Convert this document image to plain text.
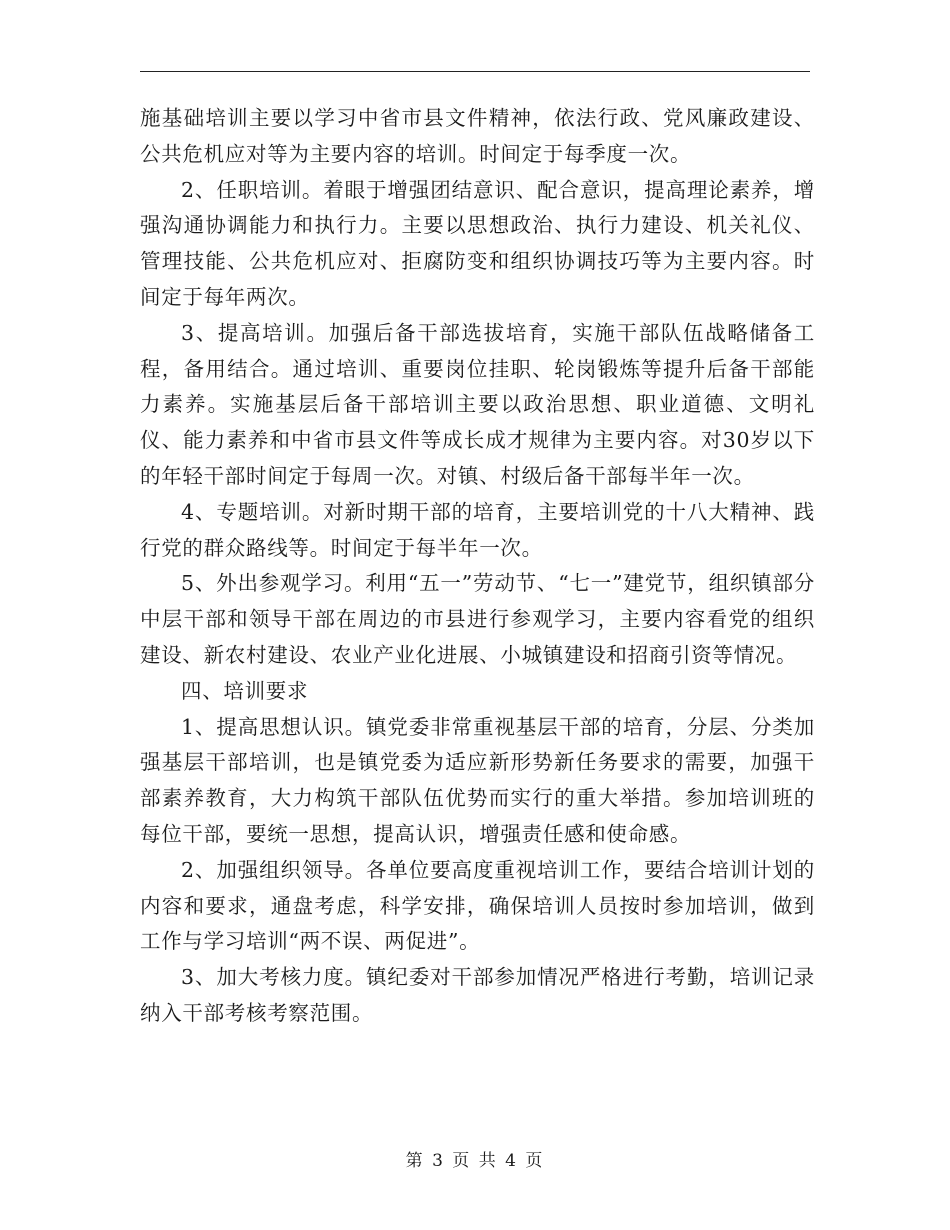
施基础培训主要以学习中省市县文件精神，依法行政、党风廉政建设、公共危机应对等为主要内容的培训。时间定于每季度一次。

2、任职培训。着眼于增强团结意识、配合意识，提高理论素养，增强沟通协调能力和执行力。主要以思想政治、执行力建设、机关礼仪、管理技能、公共危机应对、拒腐防变和组织协调技巧等为主要内容。时间定于每年两次。

3、提高培训。加强后备干部选拔培育，实施干部队伍战略储备工程，备用结合。通过培训、重要岗位挂职、轮岗锻炼等提升后备干部能力素养。实施基层后备干部培训主要以政治思想、职业道德、文明礼仪、能力素养和中省市县文件等成长成才规律为主要内容。对30岁以下的年轻干部时间定于每周一次。对镇、村级后备干部每半年一次。

4、专题培训。对新时期干部的培育，主要培训党的十八大精神、践行党的群众路线等。时间定于每半年一次。

5、外出参观学习。利用“五一”劳动节、“七一”建党节，组织镇部分中层干部和领导干部在周边的市县进行参观学习，主要内容看党的组织建设、新农村建设、农业产业化进展、小城镇建设和招商引资等情况。

四、培训要求

1、提高思想认识。镇党委非常重视基层干部的培育，分层、分类加强基层干部培训，也是镇党委为适应新形势新任务要求的需要，加强干部素养教育，大力构筑干部队伍优势而实行的重大举措。参加培训班的每位干部，要统一思想，提高认识，增强责任感和使命感。

2、加强组织领导。各单位要高度重视培训工作，要结合培训计划的内容和要求，通盘考虑，科学安排，确保培训人员按时参加培训，做到工作与学习培训“两不误、两促进”。

3、加大考核力度。镇纪委对干部参加情况严格进行考勤，培训记录纳入干部考核考察范围。

第 3 页 共 4 页
